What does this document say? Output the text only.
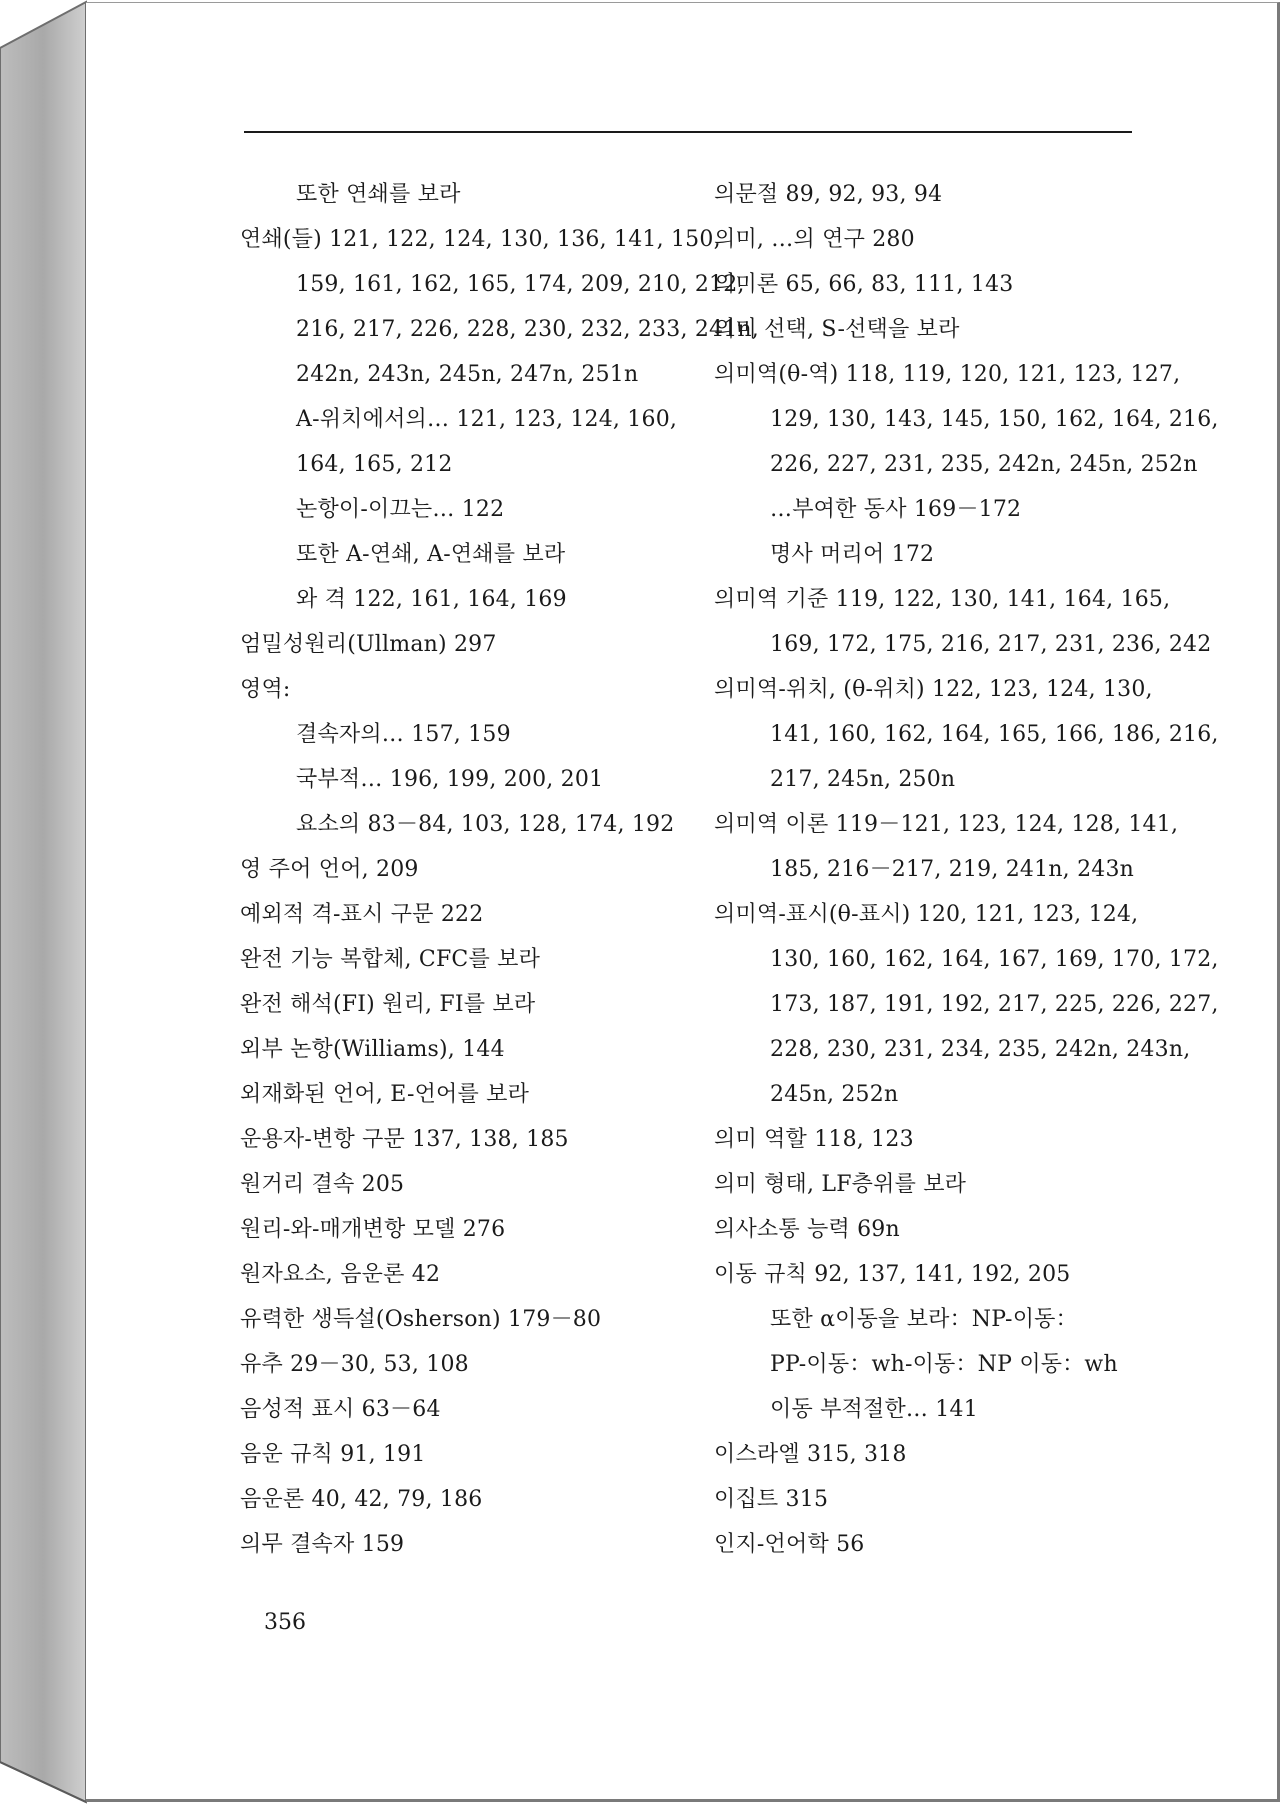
또한 연쇄를 보라
연쇄(들) 121, 122, 124, 130, 136, 141, 150,
159, 161, 162, 165, 174, 209, 210, 212,
216, 217, 226, 228, 230, 232, 233, 241n,
242n, 243n, 245n, 247n, 251n
A-위치에서의… 121, 123, 124, 160,
164, 165, 212
논항이-이끄는… 122
또한 A-연쇄, A-연쇄를 보라
와 격 122, 161, 164, 169
엄밀성원리(Ullman) 297
영역:
결속자의… 157, 159
국부적… 196, 199, 200, 201
요소의 83－84, 103, 128, 174, 192
영 주어 언어, 209
예외적 격-표시 구문 222
완전 기능 복합체, CFC를 보라
완전 해석(FI) 원리, FI를 보라
외부 논항(Williams), 144
외재화된 언어, E-언어를 보라
운용자-변항 구문 137, 138, 185
원거리 결속 205
원리-와-매개변항 모델 276
원자요소, 음운론 42
유력한 생득설(Osherson) 179－80
유추 29－30, 53, 108
음성적 표시 63－64
음운 규칙 91, 191
음운론 40, 42, 79, 186
의무 결속자 159
의문절 89, 92, 93, 94
의미, …의 연구 280
의미론 65, 66, 83, 111, 143
의미 선택, S-선택을 보라
의미역(θ-역) 118, 119, 120, 121, 123, 127,
129, 130, 143, 145, 150, 162, 164, 216,
226, 227, 231, 235, 242n, 245n, 252n
…부여한 동사 169－172
명사 머리어 172
의미역 기준 119, 122, 130, 141, 164, 165,
169, 172, 175, 216, 217, 231, 236, 242
의미역-위치, (θ-위치) 122, 123, 124, 130,
141, 160, 162, 164, 165, 166, 186, 216,
217, 245n, 250n
의미역 이론 119－121, 123, 124, 128, 141,
185, 216－217, 219, 241n, 243n
의미역-표시(θ-표시) 120, 121, 123, 124,
130, 160, 162, 164, 167, 169, 170, 172,
173, 187, 191, 192, 217, 225, 226, 227,
228, 230, 231, 234, 235, 242n, 243n,
245n, 252n
의미 역할 118, 123
의미 형태, LF층위를 보라
의사소통 능력 69n
이동 규칙 92, 137, 141, 192, 205
또한 α이동을 보라：NP-이동：
PP-이동：wh-이동：NP 이동：wh
이동 부적절한… 141
이스라엘 315, 318
이집트 315
인지-언어학 56
356
